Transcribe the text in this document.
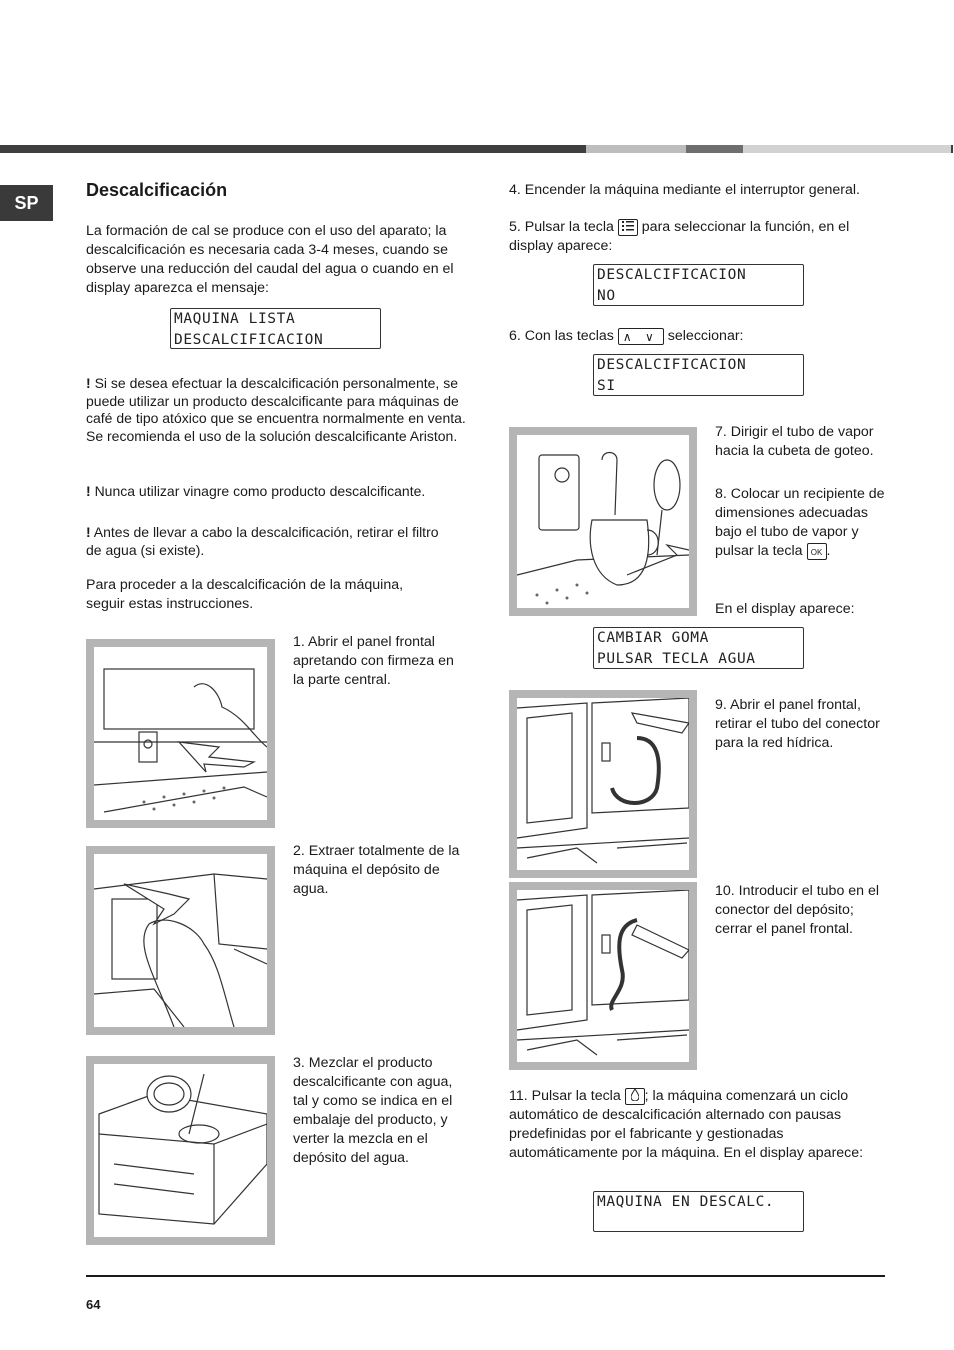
SP
Descalcificación

La formación de cal se produce con el uso del aparato; la descalcificación es necesaria cada 3-4 meses, cuando se observe una reducción del caudal del agua o cuando en el display aparezca el mensaje:

MAQUINA LISTA
DESCALCIFICACION

! Si se desea efectuar la descalcificación personalmente, se puede utilizar un producto descalcificante para máquinas de café de tipo atóxico que se encuentra normalmente en venta. Se recomienda el uso de la solución descalcificante Ariston.

! Nunca utilizar vinagre como producto descalcificante.

! Antes de llevar a cabo la descalcificación, retirar el filtro de agua (si existe).

Para proceder a la descalcificación de la máquina, seguir estas instrucciones.

1. Abrir el panel frontal apretando con firmeza en la parte central.

2. Extraer totalmente de la máquina el depósito de agua.

3. Mezclar el producto descalcificante con agua, tal y como se indica en el embalaje del producto, y verter la mezcla en el depósito del agua.

4. Encender la máquina mediante el interruptor general.

5. Pulsar la tecla para seleccionar la función, en el display aparece:

DESCALCIFICACION
NO

6. Con las teclas ∧    ∨ seleccionar:

DESCALCIFICACION
SI

7. Dirigir el tubo de vapor hacia la cubeta de goteo.

8. Colocar un recipiente de dimensiones adecuadas bajo el tubo de vapor y pulsar la tecla OK .

En el display aparece:

CAMBIAR GOMA
PULSAR TECLA AGUA

9. Abrir el panel frontal, retirar el tubo del conector para la red hídrica.

10. Introducir el tubo en el conector del depósito; cerrar el panel frontal.

11. Pulsar la tecla ; la máquina comenzará un ciclo automático de descalcificación alternado con pausas predefinidas por el fabricante y gestionadas automáticamente por la máquina. En el display aparece:

MAQUINA EN DESCALC.
64
